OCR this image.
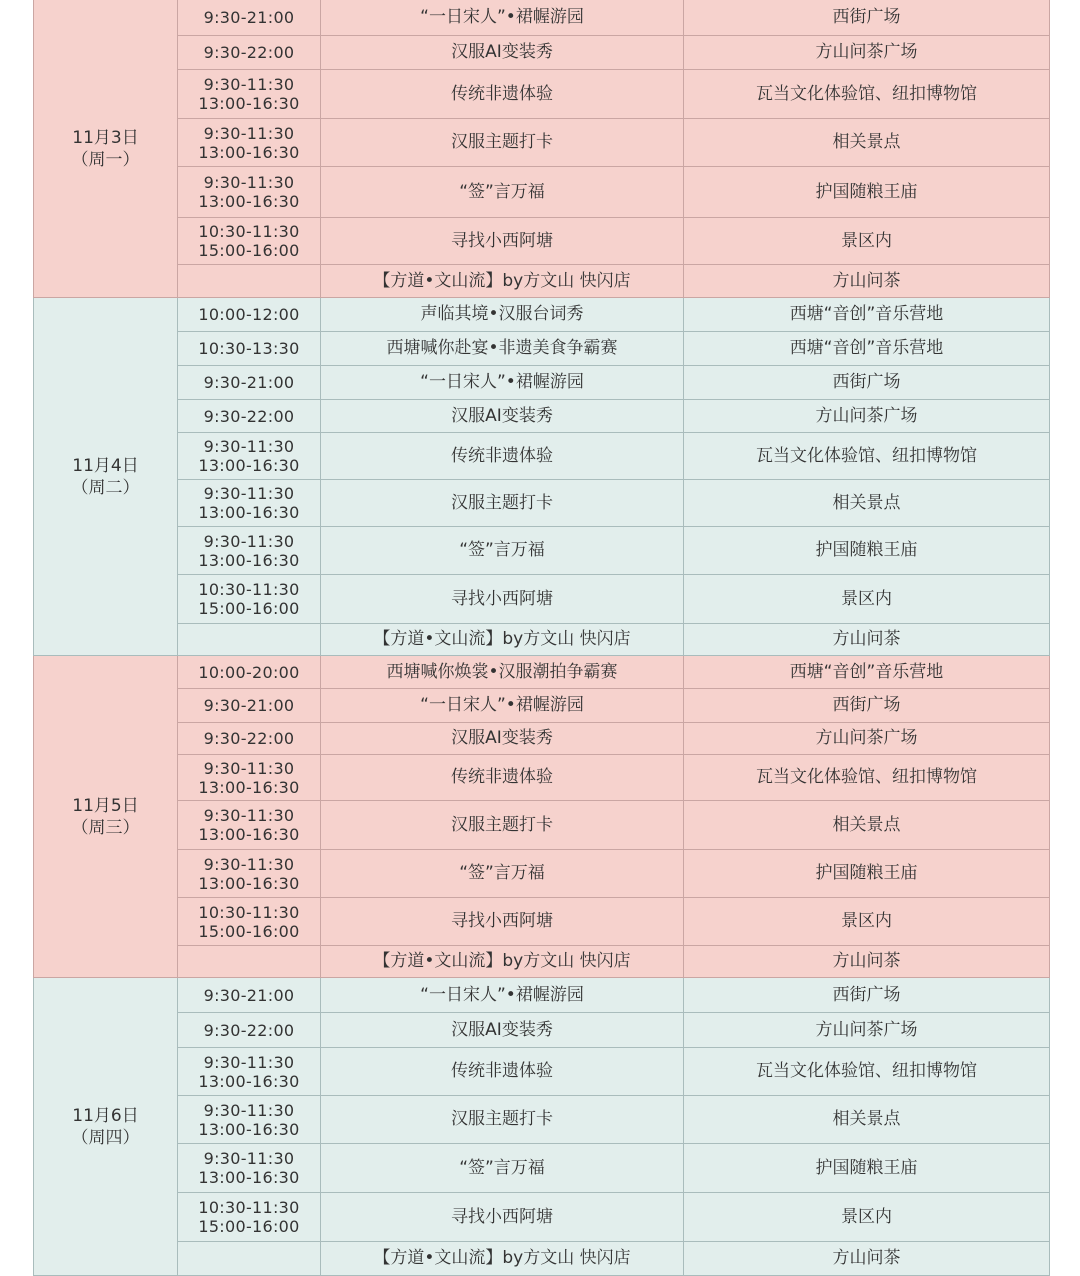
11月3日
（周一）	9:30-21:00	“一日宋人”•裙幄游园	西街广场

	9:30-22:00	汉服AI变装秀	方山问茶广场

	9:30-11:30
13:00-16:30	传统非遗体验	瓦当文化体验馆、纽扣博物馆

	9:30-11:30
13:00-16:30	汉服主题打卡	相关景点

	9:30-11:30
13:00-16:30	“签”言万福	护国随粮王庙

	10:30-11:30
15:00-16:00	寻找小西阿塘	景区内
		【方道•文山流】by方文山 快闪店	方山问茶

11月4日
（周二）	10:00-12:00	声临其境•汉服台词秀	西塘“音创”音乐营地

	10:30-13:30	西塘喊你赴宴•非遗美食争霸赛	西塘“音创”音乐营地

	9:30-21:00	“一日宋人”•裙幄游园	西街广场

	9:30-22:00	汉服AI变装秀	方山问茶广场

	9:30-11:30
13:00-16:30	传统非遗体验	瓦当文化体验馆、纽扣博物馆

	9:30-11:30
13:00-16:30	汉服主题打卡	相关景点

	9:30-11:30
13:00-16:30	“签”言万福	护国随粮王庙

	10:30-11:30
15:00-16:00	寻找小西阿塘	景区内
		【方道•文山流】by方文山 快闪店	方山问茶

11月5日
（周三）	10:00-20:00	西塘喊你焕裳•汉服潮拍争霸赛	西塘“音创”音乐营地

	9:30-21:00	“一日宋人”•裙幄游园	西街广场

	9:30-22:00	汉服AI变装秀	方山问茶广场

	9:30-11:30
13:00-16:30	传统非遗体验	瓦当文化体验馆、纽扣博物馆

	9:30-11:30
13:00-16:30	汉服主题打卡	相关景点

	9:30-11:30
13:00-16:30	“签”言万福	护国随粮王庙

	10:30-11:30
15:00-16:00	寻找小西阿塘	景区内
		【方道•文山流】by方文山 快闪店	方山问茶

11月6日
（周四）	9:30-21:00	“一日宋人”•裙幄游园	西街广场

	9:30-22:00	汉服AI变装秀	方山问茶广场

	9:30-11:30
13:00-16:30	传统非遗体验	瓦当文化体验馆、纽扣博物馆

	9:30-11:30
13:00-16:30	汉服主题打卡	相关景点

	9:30-11:30
13:00-16:30	“签”言万福	护国随粮王庙

	10:30-11:30
15:00-16:00	寻找小西阿塘	景区内
		【方道•文山流】by方文山 快闪店	方山问茶
